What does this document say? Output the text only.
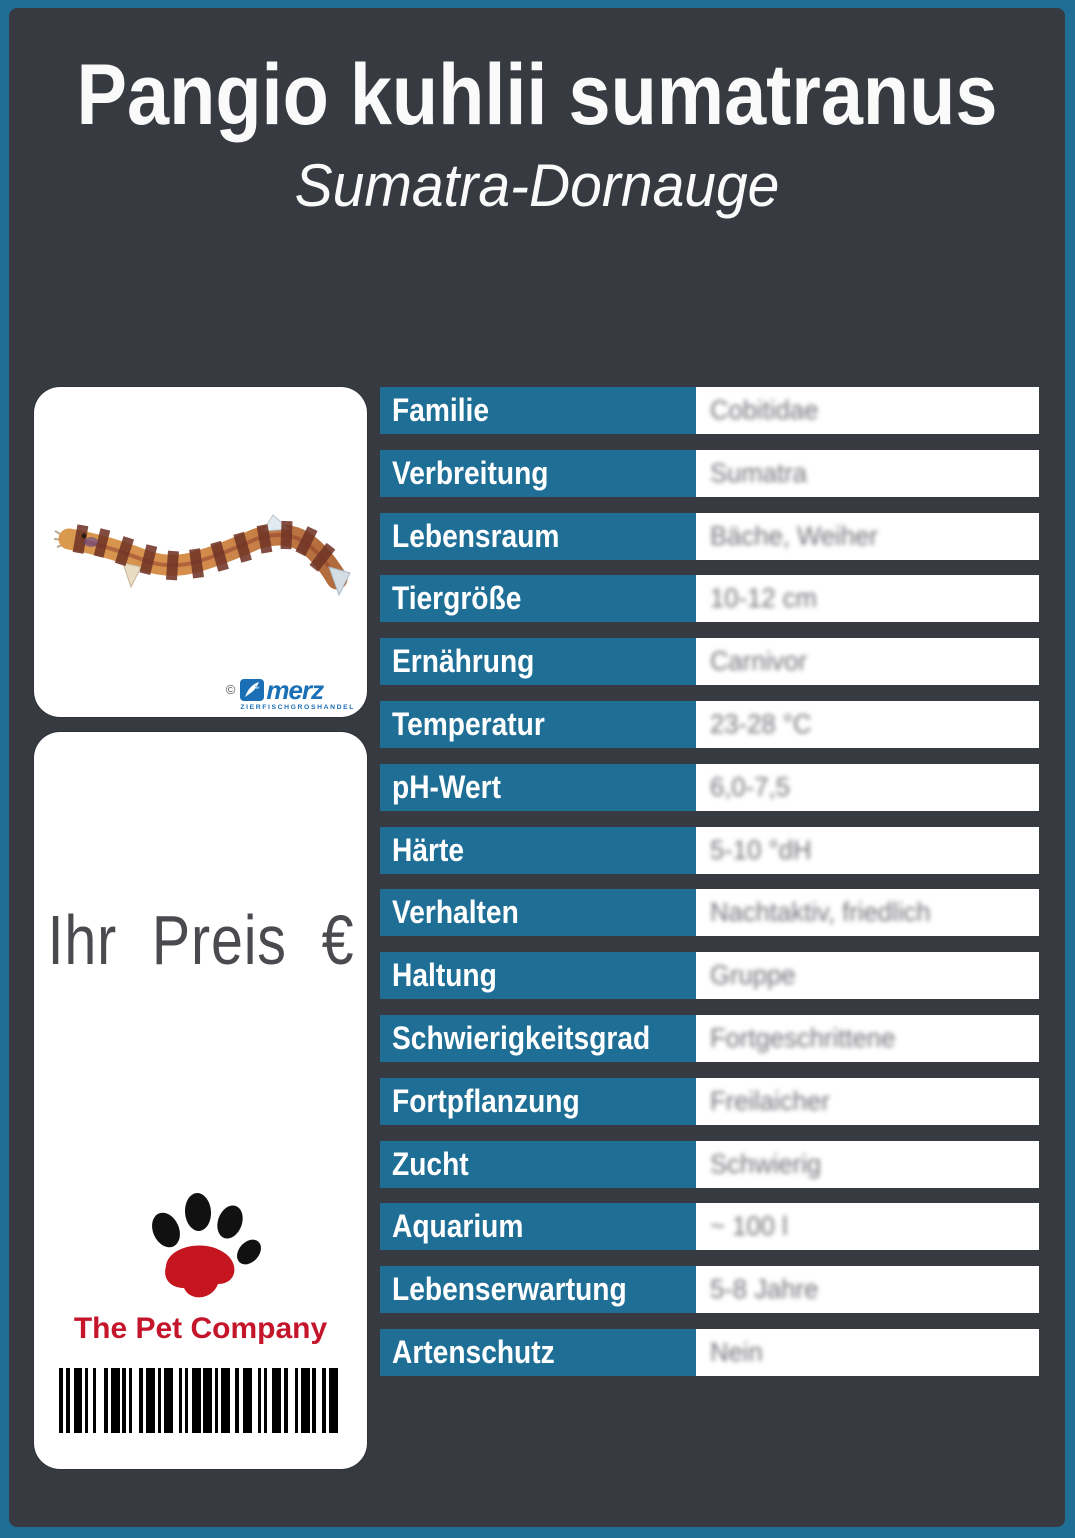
Pangio kuhlii sumatranus
Sumatra-Dornauge
© merz
ZIERFISCHGROSHANDEL
Ihr Preis €
The Pet Company
Familie	Cobitidae
Verbreitung	Sumatra
Lebensraum	Bäche, Weiher
Tiergröße	10-12 cm
Ernährung	Carnivor
Temperatur	23-28 °C
pH-Wert	6,0-7,5
Härte	5-10 °dH
Verhalten	Nachtaktiv, friedlich
Haltung	Gruppe
Schwierigkeitsgrad	Fortgeschrittene
Fortpflanzung	Freilaicher
Zucht	Schwierig
Aquarium	~ 100 l
Lebenserwartung	5-8 Jahre
Artenschutz	Nein
